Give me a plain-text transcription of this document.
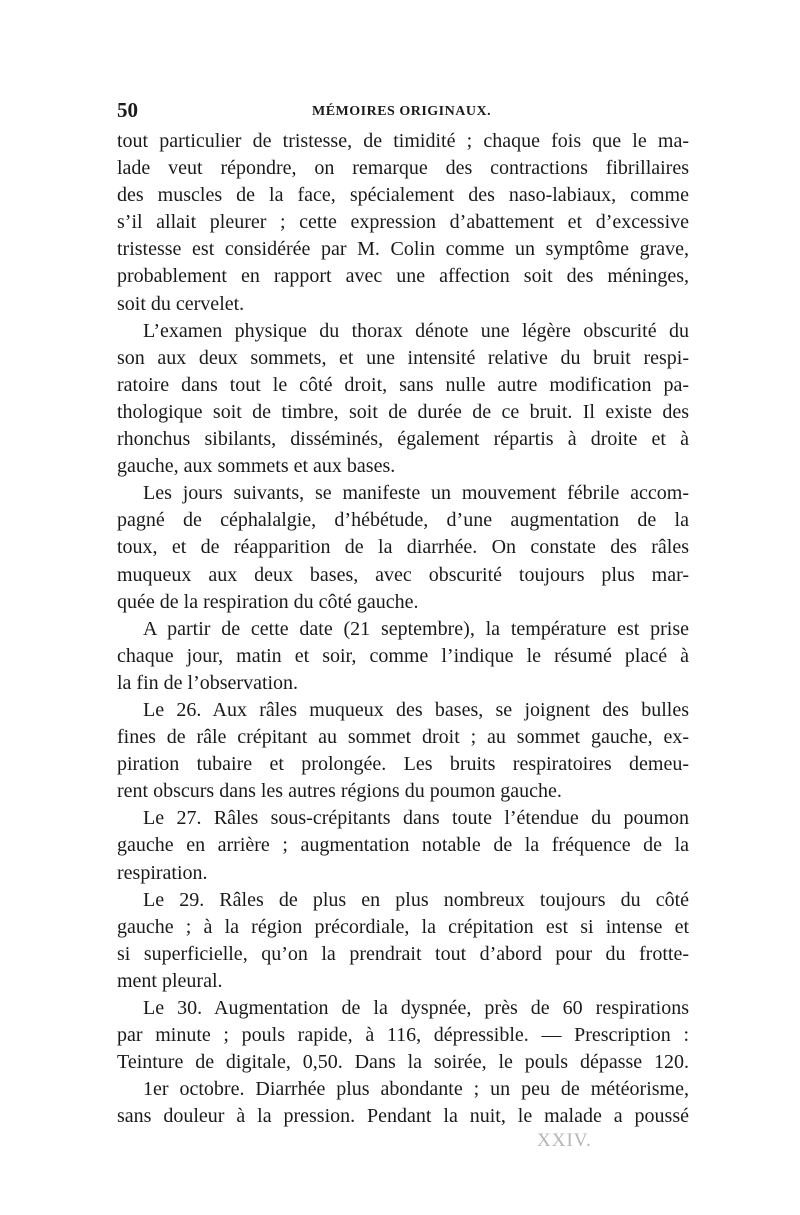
50	MÉMOIRES ORIGINAUX.
tout particulier de tristesse, de timidité ; chaque fois que le ma-
lade veut répondre, on remarque des contractions fibrillaires
des muscles de la face, spécialement des naso-labiaux, comme
s’il allait pleurer ; cette expression d’abattement et d’excessive
tristesse est considérée par M. Colin comme un symptôme grave,
probablement en rapport avec une affection soit des méninges,
soit du cervelet.
L’examen physique du thorax dénote une légère obscurité du
son aux deux sommets, et une intensité relative du bruit respi-
ratoire dans tout le côté droit, sans nulle autre modification pa-
thologique soit de timbre, soit de durée de ce bruit. Il existe des
rhonchus sibilants, disséminés, également répartis à droite et à
gauche, aux sommets et aux bases.
Les jours suivants, se manifeste un mouvement fébrile accom-
pagné de céphalalgie, d’hébétude, d’une augmentation de la
toux, et de réapparition de la diarrhée. On constate des râles
muqueux aux deux bases, avec obscurité toujours plus mar-
quée de la respiration du côté gauche.
A partir de cette date (21 septembre), la température est prise
chaque jour, matin et soir, comme l’indique le résumé placé à
la fin de l’observation.
Le 26. Aux râles muqueux des bases, se joignent des bulles
fines de râle crépitant au sommet droit ; au sommet gauche, ex-
piration tubaire et prolongée. Les bruits respiratoires demeu-
rent obscurs dans les autres régions du poumon gauche.
Le 27. Râles sous-crépitants dans toute l’étendue du poumon
gauche en arrière ; augmentation notable de la fréquence de la
respiration.
Le 29. Râles de plus en plus nombreux toujours du côté
gauche ; à la région précordiale, la crépitation est si intense et
si superficielle, qu’on la prendrait tout d’abord pour du frotte-
ment pleural.
Le 30. Augmentation de la dyspnée, près de 60 respirations
par minute ; pouls rapide, à 116, dépressible. — Prescription :
Teinture de digitale, 0,50. Dans la soirée, le pouls dépasse 120.
1er octobre. Diarrhée plus abondante ; un peu de météorisme,
sans douleur à la pression. Pendant la nuit, le malade a poussé
XXIV.
